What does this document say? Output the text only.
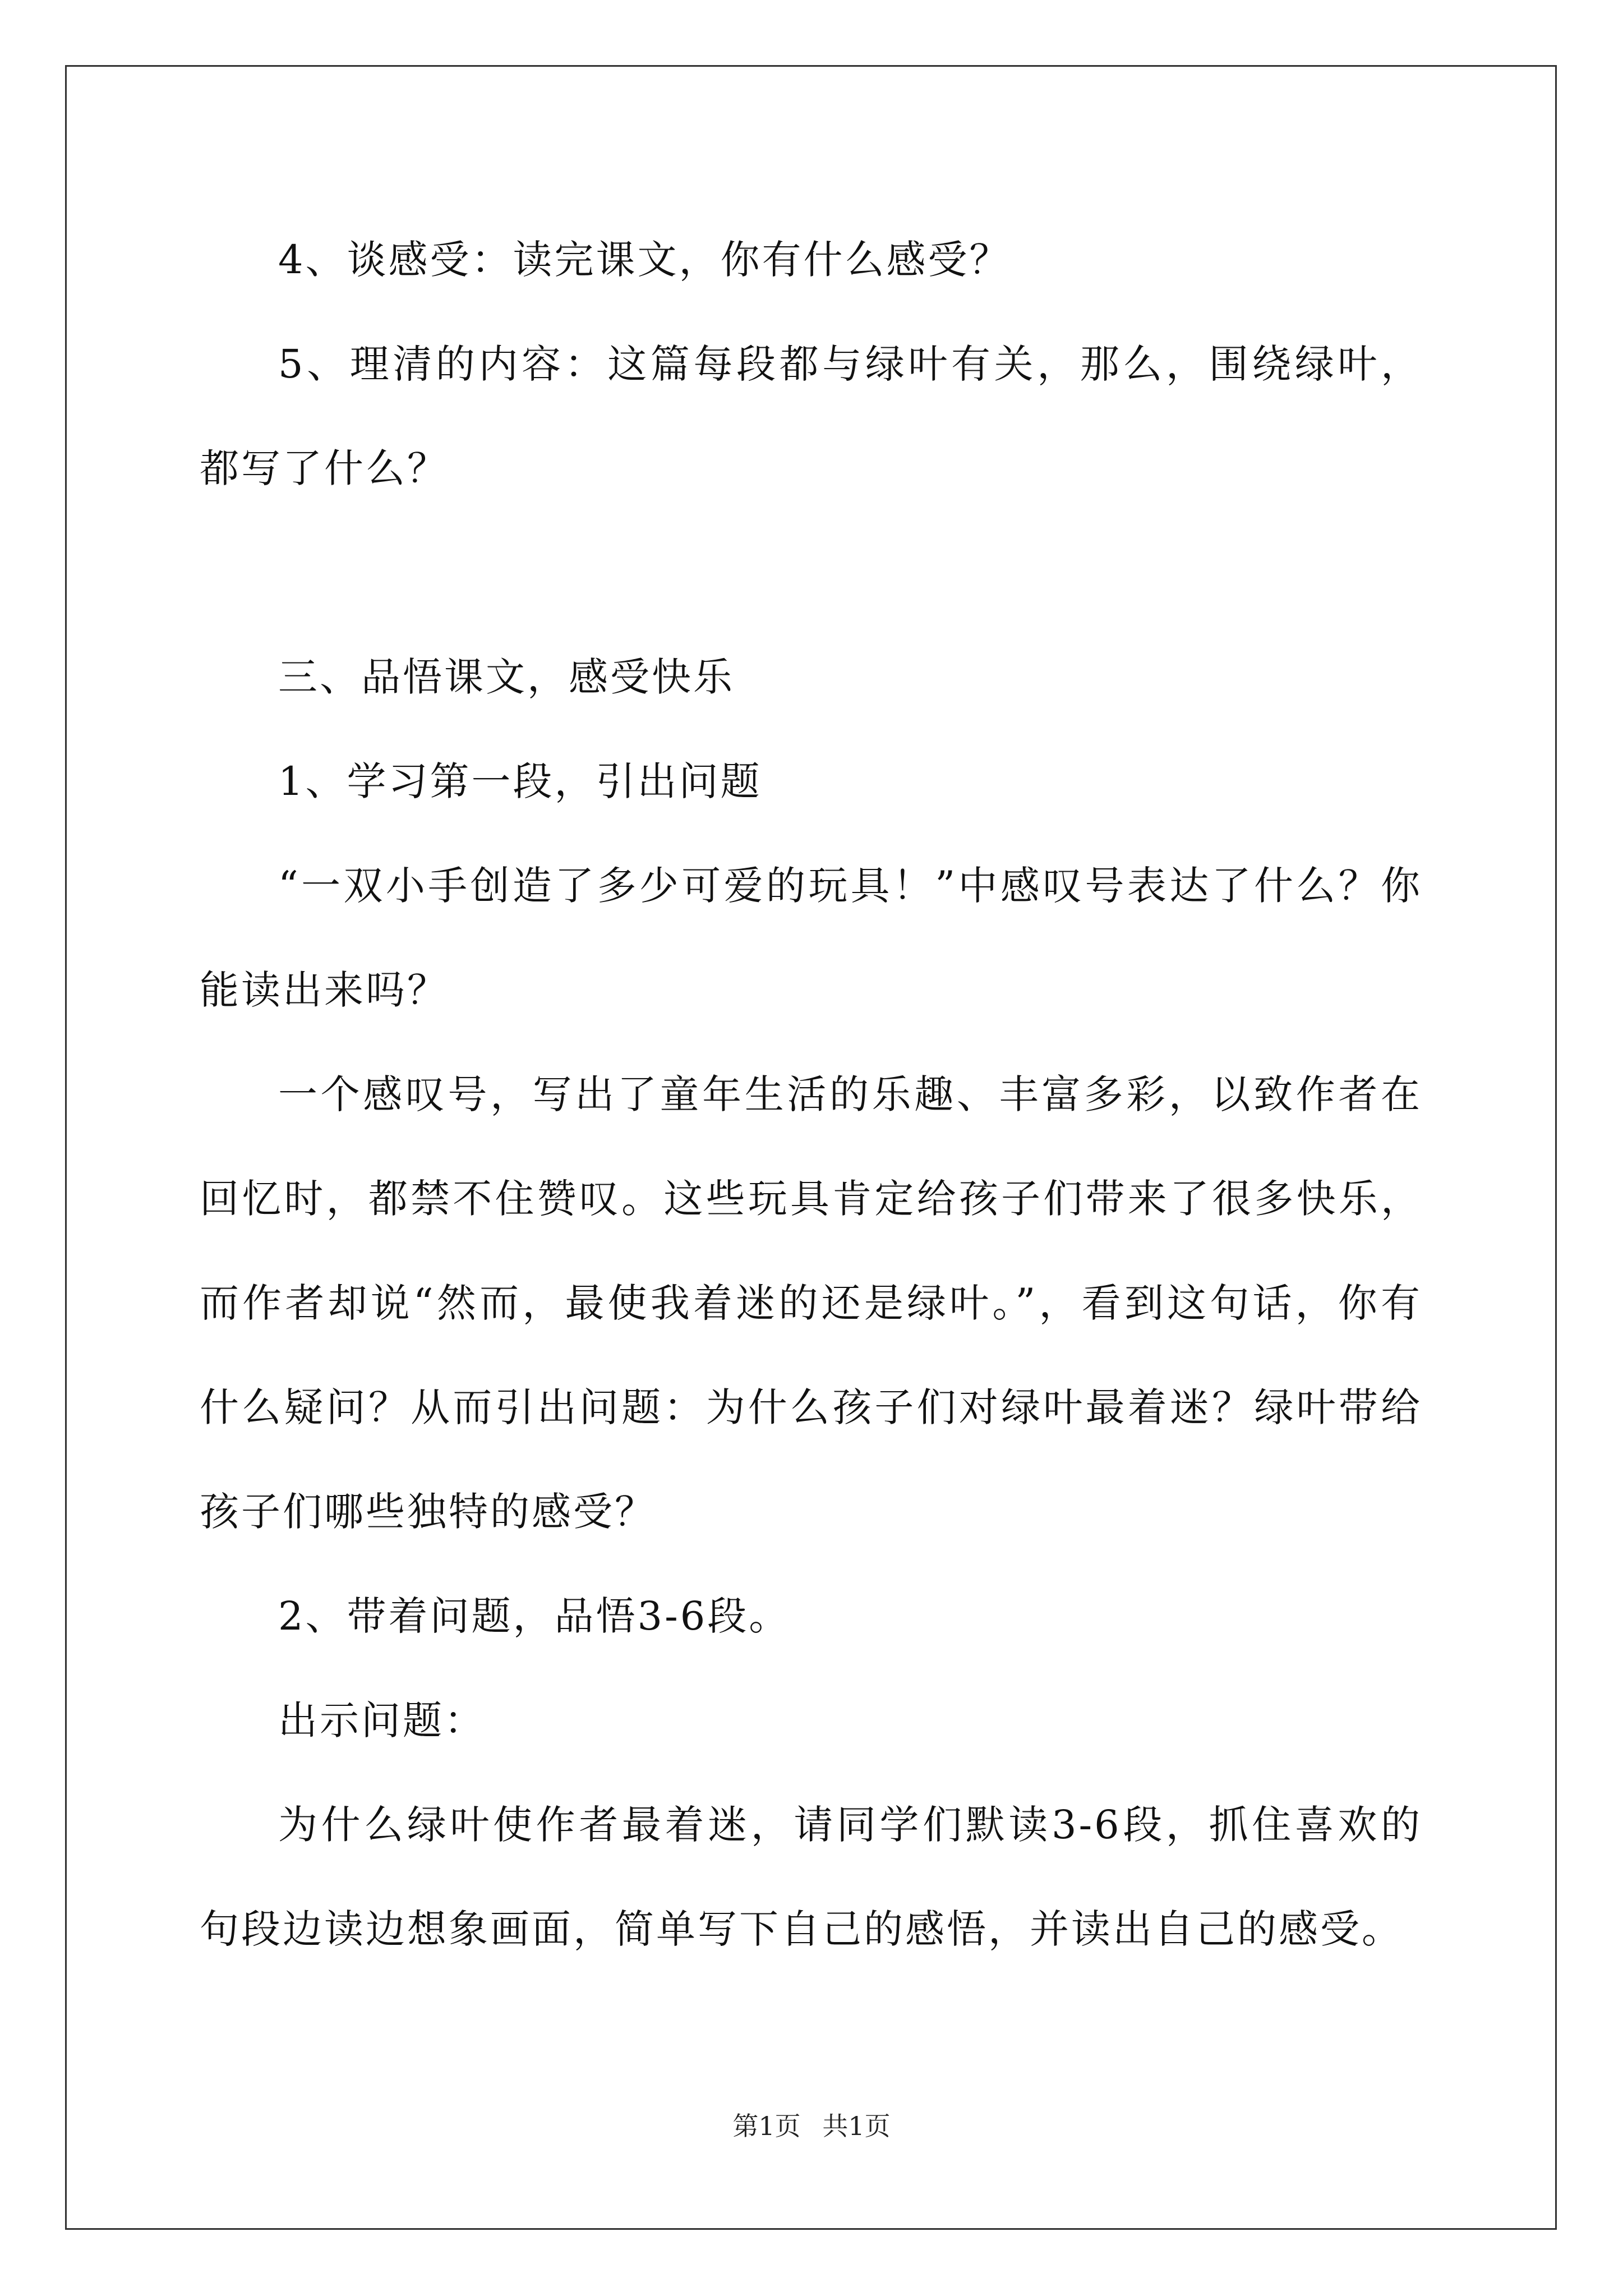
4、谈感受：读完课文，你有什么感受？

5、理清的内容：这篇每段都与绿叶有关，那么，围绕绿叶，都写了什么？

三、品悟课文，感受快乐

1、学习第一段，引出问题

“一双小手创造了多少可爱的玩具！”中感叹号表达了什么？你能读出来吗？

一个感叹号，写出了童年生活的乐趣、丰富多彩，以致作者在回忆时，都禁不住赞叹。这些玩具肯定给孩子们带来了很多快乐，而作者却说“然而，最使我着迷的还是绿叶。”，看到这句话，你有什么疑问？从而引出问题：为什么孩子们对绿叶最着迷？绿叶带给孩子们哪些独特的感受？

2、带着问题，品悟3-6段。

出示问题：

为什么绿叶使作者最着迷，请同学们默读3-6段，抓住喜欢的句段边读边想象画面，简单写下自己的感悟，并读出自己的感受。

第1页 共1页
